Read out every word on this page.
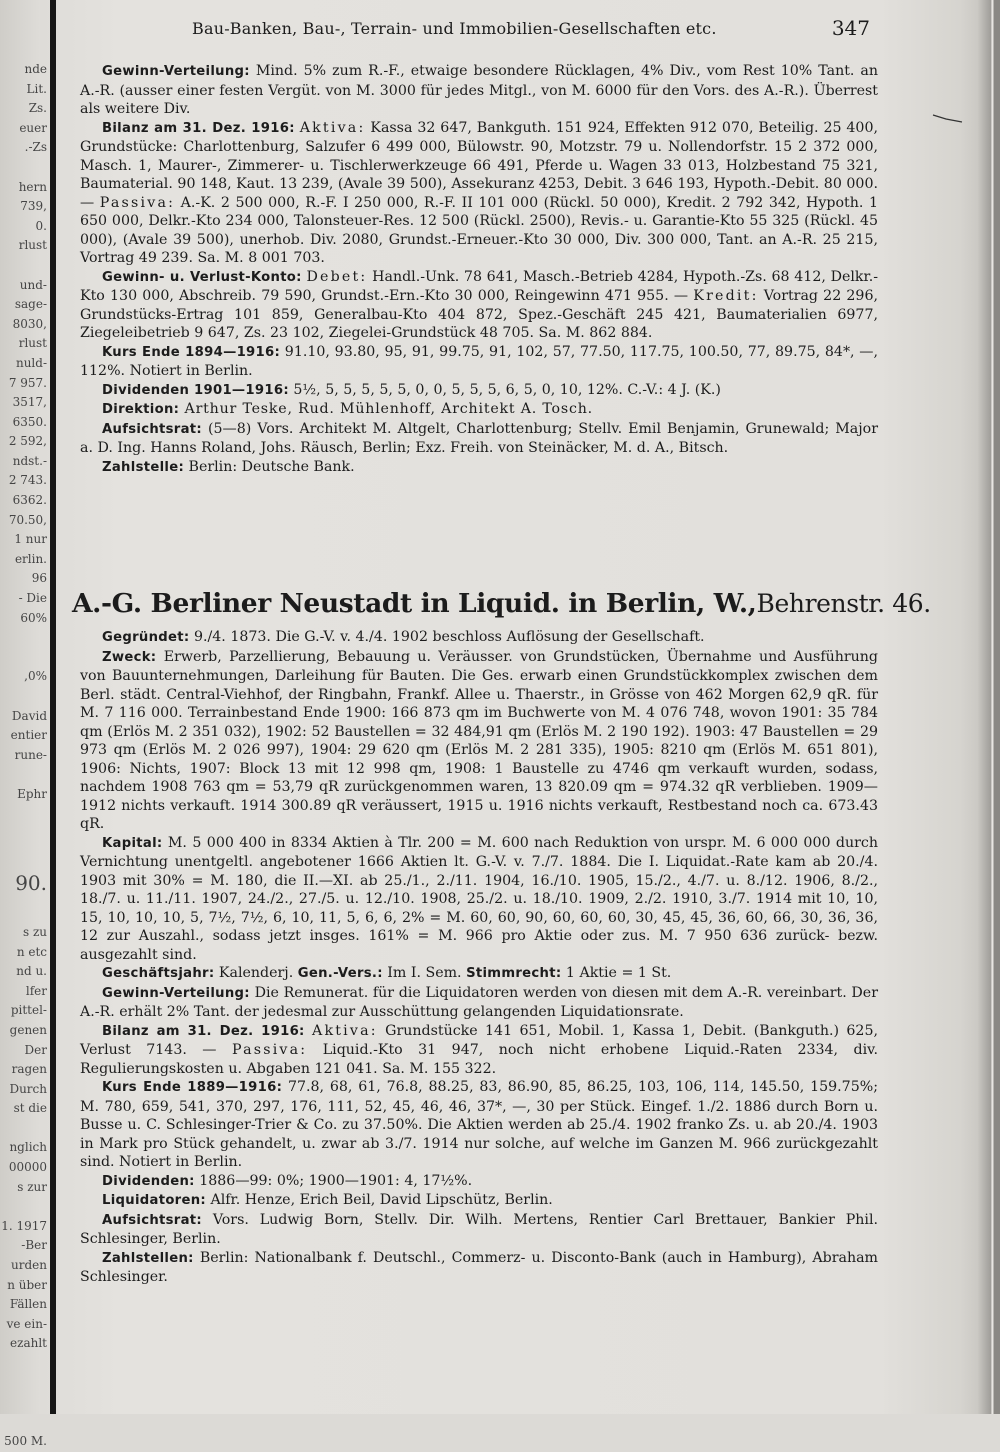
nde
Lit.
Zs.
euer
.-Zs
hern
739,
0.
rlust
und-
sage-
8030,
rlust
nuld-
7 957.
3517,
6350.
2 592,
ndst.-
2 743.
6362.
70.50,
1 nur
erlin.
96
- Die
60%
,0%
David
entier
rune-
Ephr
90.
s zu
n etc
nd u.
lfer
pittel-
genen
Der
ragen
Durch
st die
nglich
00000
s zur
1. 1917
-Ber
urden
n über
Fällen
ve ein-
ezahlt
500 M.
Bau-Banken, Bau-, Terrain- und Immobilien-Gesellschaften etc.	347

Gewinn-Verteilung: Mind. 5% zum R.-F., etwaige besondere Rücklagen, 4% Div., vom Rest 10% Tant. an A.-R. (ausser einer festen Vergüt. von M. 3000 für jedes Mitgl., von M. 6000 für den Vors. des A.-R.). Überrest als weitere Div.

Bilanz am 31. Dez. 1916: Aktiva: Kassa 32 647, Bankguth. 151 924, Effekten 912 070, Beteilig. 25 400, Grundstücke: Charlottenburg, Salzufer 6 499 000, Bülowstr. 90, Motzstr. 79 u. Nollendorfstr. 15 2 372 000, Masch. 1, Maurer-, Zimmerer- u. Tischlerwerkzeuge 66 491, Pferde u. Wagen 33 013, Holzbestand 75 321, Baumaterial. 90 148, Kaut. 13 239, (Avale 39 500), Assekuranz 4253, Debit. 3 646 193, Hypoth.-Debit. 80 000. — Passiva: A.-K. 2 500 000, R.-F. I 250 000, R.-F. II 101 000 (Rückl. 50 000), Kredit. 2 792 342, Hypoth. 1 650 000, Delkr.-Kto 234 000, Talonsteuer-Res. 12 500 (Rückl. 2500), Revis.- u. Garantie-Kto 55 325 (Rückl. 45 000), (Avale 39 500), unerhob. Div. 2080, Grundst.-Erneuer.-Kto 30 000, Div. 300 000, Tant. an A.-R. 25 215, Vortrag 49 239. Sa. M. 8 001 703.

Gewinn- u. Verlust-Konto: Debet: Handl.-Unk. 78 641, Masch.-Betrieb 4284, Hypoth.-Zs. 68 412, Delkr.-Kto 130 000, Abschreib. 79 590, Grundst.-Ern.-Kto 30 000, Reingewinn 471 955. — Kredit: Vortrag 22 296, Grundstücks-Ertrag 101 859, Generalbau-Kto 404 872, Spez.-Geschäft 245 421, Baumaterialien 6977, Ziegeleibetrieb 9 647, Zs. 23 102, Ziegelei-Grundstück 48 705. Sa. M. 862 884.

Kurs Ende 1894—1916: 91.10, 93.80, 95, 91, 99.75, 91, 102, 57, 77.50, 117.75, 100.50, 77, 89.75, 84*, —, 112%. Notiert in Berlin.

Dividenden 1901—1916: 5½, 5, 5, 5, 5, 5, 0, 0, 5, 5, 5, 6, 5, 0, 10, 12%. C.-V.: 4 J. (K.)

Direktion: Arthur Teske, Rud. Mühlenhoff, Architekt A. Tosch.

Aufsichtsrat: (5—8) Vors. Architekt M. Altgelt, Charlottenburg; Stellv. Emil Benjamin, Grunewald; Major a. D. Ing. Hanns Roland, Johs. Räusch, Berlin; Exz. Freih. von Steinäcker, M. d. A., Bitsch.

Zahlstelle: Berlin: Deutsche Bank.

A.-G. Berliner Neustadt in Liquid. in Berlin, W.,Behrenstr. 46.

Gegründet: 9./4. 1873. Die G.-V. v. 4./4. 1902 beschloss Auflösung der Gesellschaft.

Zweck: Erwerb, Parzellierung, Bebauung u. Veräusser. von Grundstücken, Übernahme und Ausführung von Bauunternehmungen, Darleihung für Bauten. Die Ges. erwarb einen Grundstückkomplex zwischen dem Berl. städt. Central-Viehhof, der Ringbahn, Frankf. Allee u. Thaerstr., in Grösse von 462 Morgen 62,9 qR. für M. 7 116 000. Terrainbestand Ende 1900: 166 873 qm im Buchwerte von M. 4 076 748, wovon 1901: 35 784 qm (Erlös M. 2 351 032), 1902: 52 Baustellen = 32 484,91 qm (Erlös M. 2 190 192). 1903: 47 Baustellen = 29 973 qm (Erlös M. 2 026 997), 1904: 29 620 qm (Erlös M. 2 281 335), 1905: 8210 qm (Erlös M. 651 801), 1906: Nichts, 1907: Block 13 mit 12 998 qm, 1908: 1 Baustelle zu 4746 qm verkauft wurden, sodass, nachdem 1908 763 qm = 53,79 qR zurückgenommen waren, 13 820.09 qm = 974.32 qR verblieben. 1909—1912 nichts verkauft. 1914 300.89 qR veräussert, 1915 u. 1916 nichts verkauft, Restbestand noch ca. 673.43 qR.

Kapital: M. 5 000 400 in 8334 Aktien à Tlr. 200 = M. 600 nach Reduktion von urspr. M. 6 000 000 durch Vernichtung unentgeltl. angebotener 1666 Aktien lt. G.-V. v. 7./7. 1884. Die I. Liquidat.-Rate kam ab 20./4. 1903 mit 30% = M. 180, die II.—XI. ab 25./1., 2./11. 1904, 16./10. 1905, 15./2., 4./7. u. 8./12. 1906, 8./2., 18./7. u. 11./11. 1907, 24./2., 27./5. u. 12./10. 1908, 25./2. u. 18./10. 1909, 2./2. 1910, 3./7. 1914 mit 10, 10, 15, 10, 10, 10, 5, 7½, 7½, 6, 10, 11, 5, 6, 6, 2% = M. 60, 60, 90, 60, 60, 60, 30, 45, 45, 36, 60, 66, 30, 36, 36, 12 zur Auszahl., sodass jetzt insges. 161% = M. 966 pro Aktie oder zus. M. 7 950 636 zurück- bezw. ausgezahlt sind.

Geschäftsjahr: Kalenderj. Gen.-Vers.: Im I. Sem. Stimmrecht: 1 Aktie = 1 St.

Gewinn-Verteilung: Die Remunerat. für die Liquidatoren werden von diesen mit dem A.-R. vereinbart. Der A.-R. erhält 2% Tant. der jedesmal zur Ausschüttung gelangenden Liquidationsrate.

Bilanz am 31. Dez. 1916: Aktiva: Grundstücke 141 651, Mobil. 1, Kassa 1, Debit. (Bankguth.) 625, Verlust 7143. — Passiva: Liquid.-Kto 31 947, noch nicht erhobene Liquid.-Raten 2334, div. Regulierungskosten u. Abgaben 121 041. Sa. M. 155 322.

Kurs Ende 1889—1916: 77.8, 68, 61, 76.8, 88.25, 83, 86.90, 85, 86.25, 103, 106, 114, 145.50, 159.75%; M. 780, 659, 541, 370, 297, 176, 111, 52, 45, 46, 46, 37*, —, 30 per Stück. Eingef. 1./2. 1886 durch Born u. Busse u. C. Schlesinger-Trier & Co. zu 37.50%. Die Aktien werden ab 25./4. 1902 franko Zs. u. ab 20./4. 1903 in Mark pro Stück gehandelt, u. zwar ab 3./7. 1914 nur solche, auf welche im Ganzen M. 966 zurückgezahlt sind. Notiert in Berlin.

Dividenden: 1886—99: 0%; 1900—1901: 4, 17½%.

Liquidatoren: Alfr. Henze, Erich Beil, David Lipschütz, Berlin.

Aufsichtsrat: Vors. Ludwig Born, Stellv. Dir. Wilh. Mertens, Rentier Carl Brettauer, Bankier Phil. Schlesinger, Berlin.

Zahlstellen: Berlin: Nationalbank f. Deutschl., Commerz- u. Disconto-Bank (auch in Hamburg), Abraham Schlesinger.
